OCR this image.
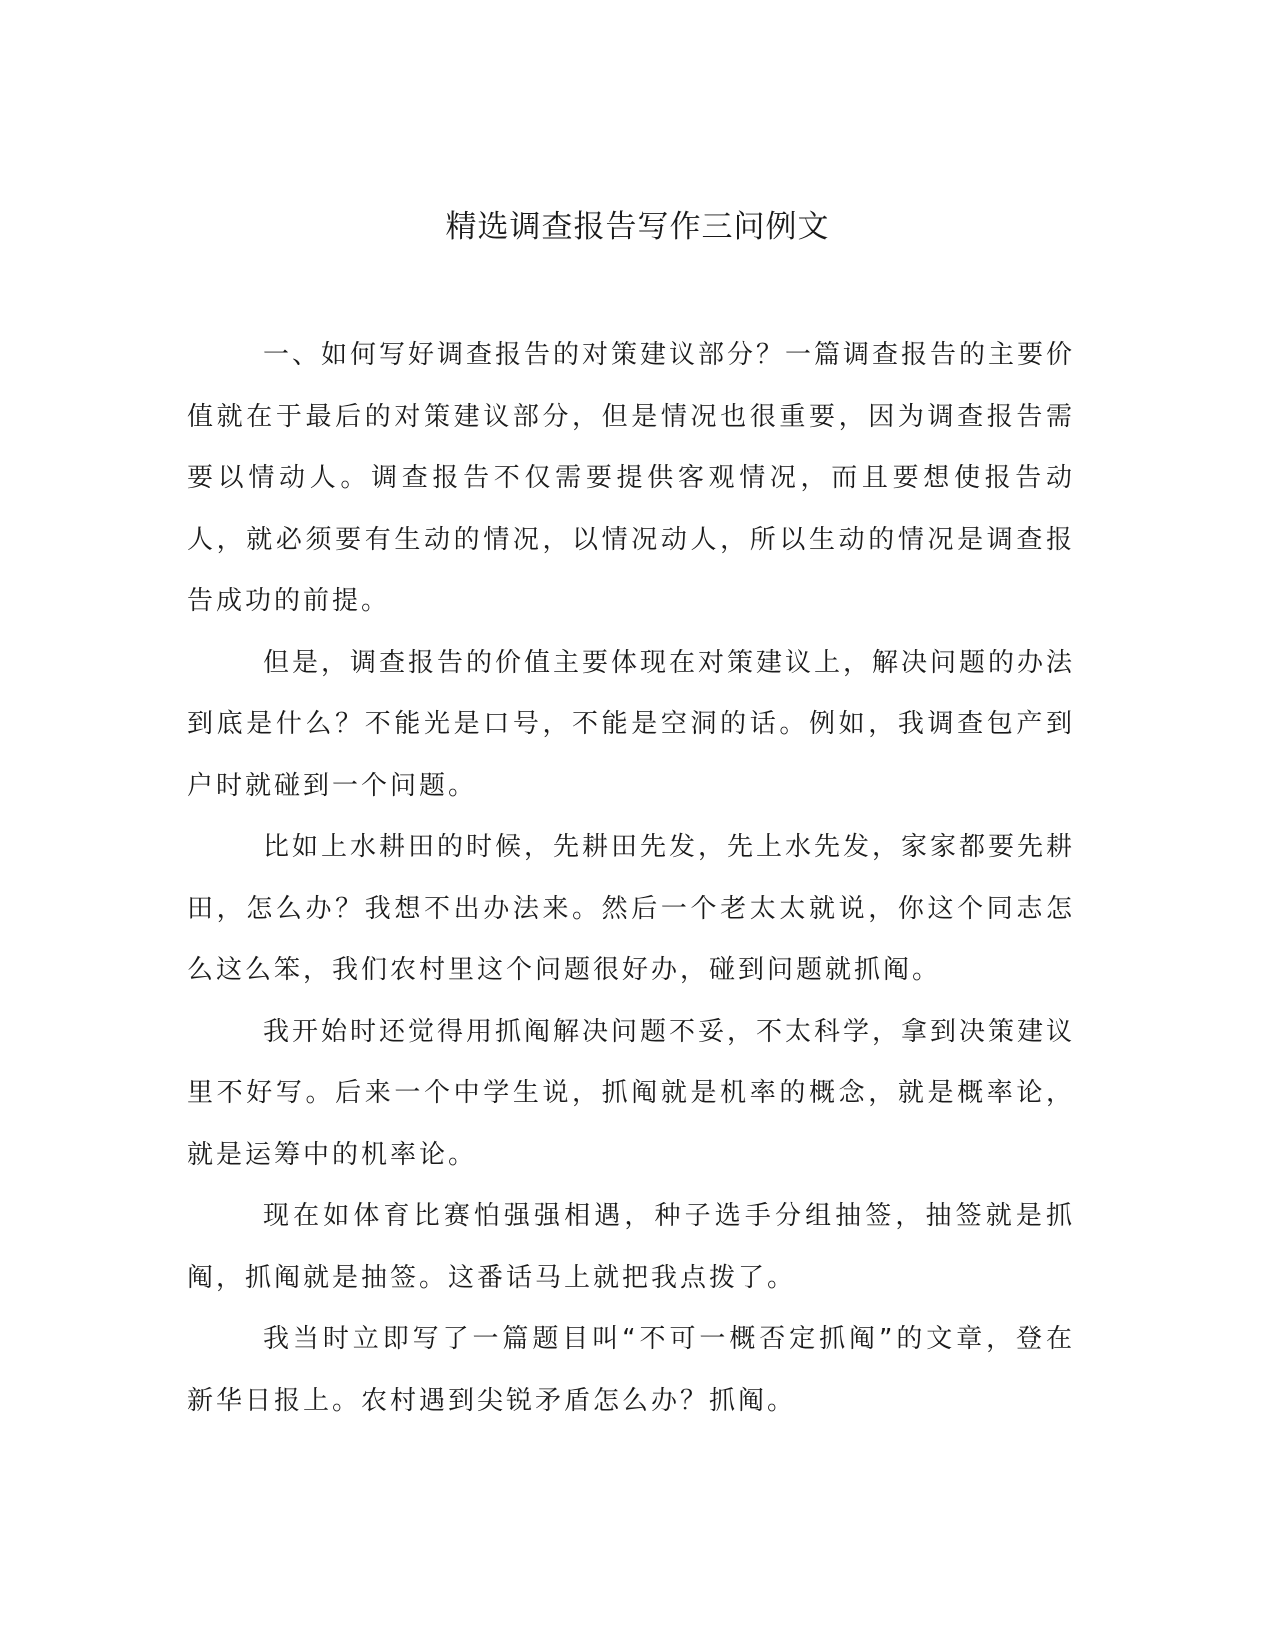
精选调查报告写作三问例文

一、如何写好调查报告的对策建议部分？一篇调查报告的主要价值就在于最后的对策建议部分，但是情况也很重要，因为调查报告需要以情动人。调查报告不仅需要提供客观情况，而且要想使报告动人，就必须要有生动的情况，以情况动人，所以生动的情况是调查报告成功的前提。

但是，调查报告的价值主要体现在对策建议上，解决问题的办法到底是什么？不能光是口号，不能是空洞的话。例如，我调查包产到户时就碰到一个问题。

比如上水耕田的时候，先耕田先发，先上水先发，家家都要先耕田，怎么办？我想不出办法来。然后一个老太太就说，你这个同志怎么这么笨，我们农村里这个问题很好办，碰到问题就抓阄。

我开始时还觉得用抓阄解决问题不妥，不太科学，拿到决策建议里不好写。后来一个中学生说，抓阄就是机率的概念，就是概率论，就是运筹中的机率论。

现在如体育比赛怕强强相遇，种子选手分组抽签，抽签就是抓阄，抓阄就是抽签。这番话马上就把我点拨了。

我当时立即写了一篇题目叫“不可一概否定抓阄”的文章，登在新华日报上。农村遇到尖锐矛盾怎么办？抓阄。
